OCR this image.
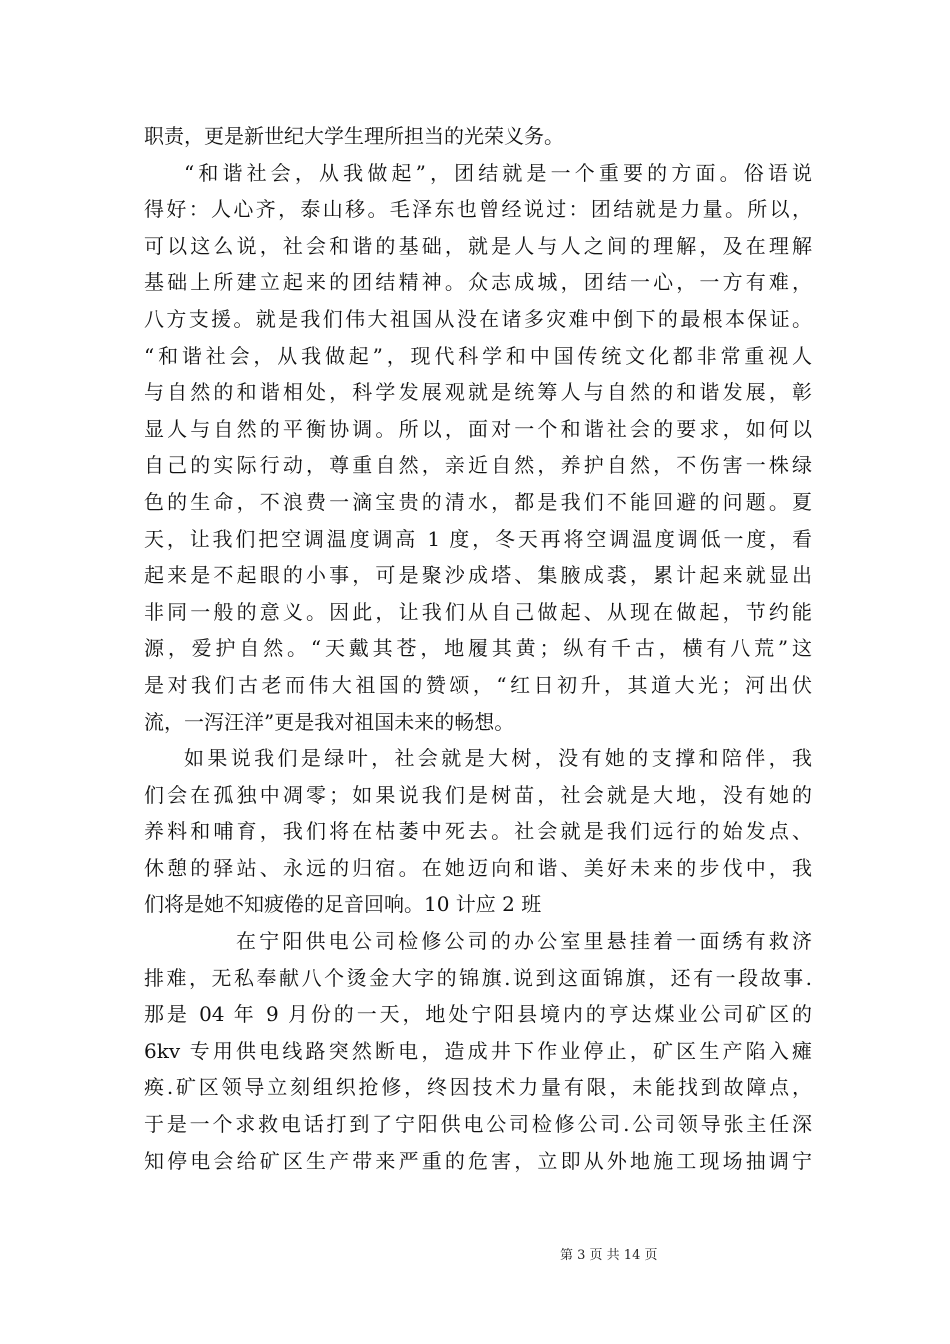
职责，更是新世纪大学生理所担当的光荣义务。
“和谐社会，从我做起”，团结就是一个重要的方面。俗语说
得好：人心齐，泰山移。毛泽东也曾经说过：团结就是力量。所以，
可以这么说，社会和谐的基础，就是人与人之间的理解，及在理解
基础上所建立起来的团结精神。众志成城，团结一心，一方有难，
八方支援。就是我们伟大祖国从没在诸多灾难中倒下的最根本保证。
“和谐社会，从我做起”，现代科学和中国传统文化都非常重视人
与自然的和谐相处，科学发展观就是统筹人与自然的和谐发展，彰
显人与自然的平衡协调。所以，面对一个和谐社会的要求，如何以
自己的实际行动，尊重自然，亲近自然，养护自然，不伤害一株绿
色的生命，不浪费一滴宝贵的清水，都是我们不能回避的问题。夏
天，让我们把空调温度调高 1 度，冬天再将空调温度调低一度，看
起来是不起眼的小事，可是聚沙成塔、集腋成裘，累计起来就显出
非同一般的意义。因此，让我们从自己做起、从现在做起，节约能
源，爱护自然。“天戴其苍，地履其黄；纵有千古，横有八荒”这
是对我们古老而伟大祖国的赞颂，“红日初升，其道大光；河出伏
流，一泻汪洋”更是我对祖国未来的畅想。
如果说我们是绿叶，社会就是大树，没有她的支撑和陪伴，我
们会在孤独中凋零；如果说我们是树苗，社会就是大地，没有她的
养料和哺育，我们将在枯萎中死去。社会就是我们远行的始发点、
休憩的驿站、永远的归宿。在她迈向和谐、美好未来的步伐中，我
们将是她不知疲倦的足音回响。10 计应 2 班
在宁阳供电公司检修公司的办公室里悬挂着一面绣有救济
排难，无私奉献八个烫金大字的锦旗.说到这面锦旗，还有一段故事.
那是 04 年 9 月份的一天，地处宁阳县境内的亨达煤业公司矿区的
6kv 专用供电线路突然断电，造成井下作业停止，矿区生产陷入瘫
痪.矿区领导立刻组织抢修，终因技术力量有限，未能找到故障点，
于是一个求救电话打到了宁阳供电公司检修公司.公司领导张主任深
知停电会给矿区生产带来严重的危害，立即从外地施工现场抽调宁
第 3 页 共 14 页
